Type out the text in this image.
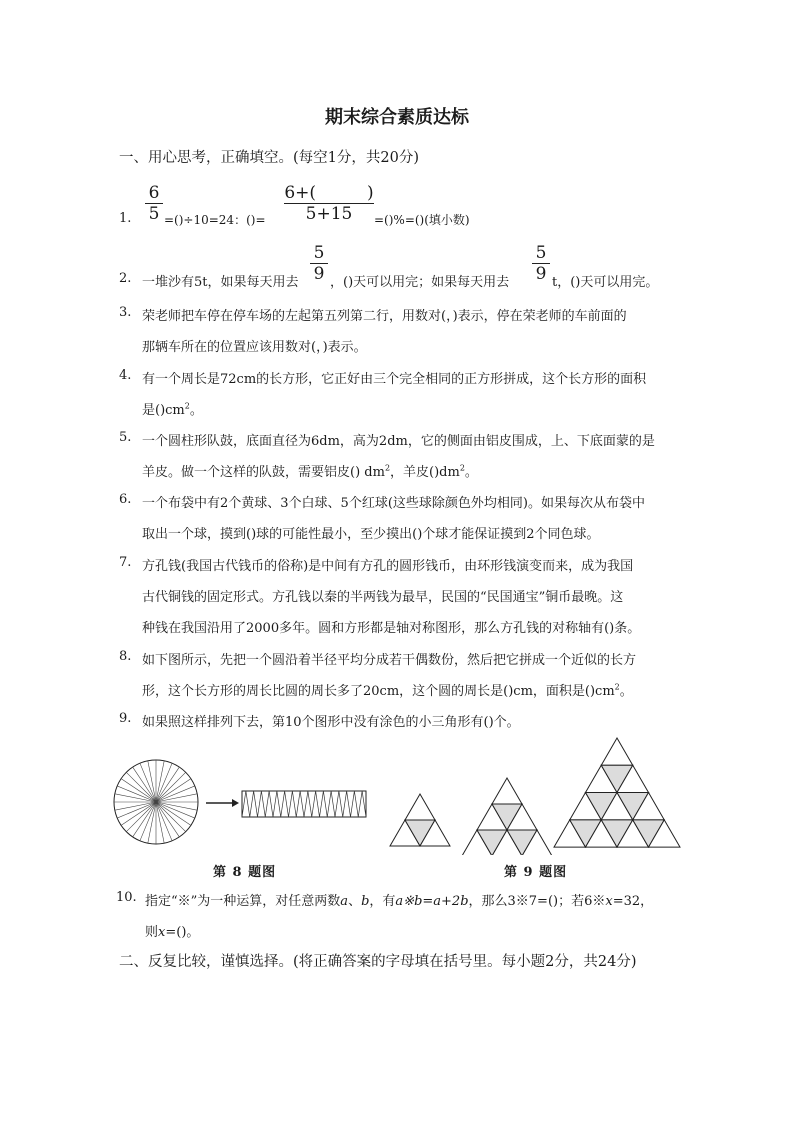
期末综合素质达标
一、用心思考，正确填空。(每空1分，共20分)
1.
6
5 =()÷10=24：()=
6+(　　　)
5+15	=()%=()(填小数)
2. 一堆沙有5t，如果每天用去
5
9 ，()天可以用完；如果每天用去
5
9 t，()天可以用完。
3. 荣老师把车停在停车场的左起第五列第二行，用数对(，)表示，停在荣老师的车前面的
那辆车所在的位置应该用数对(，)表示。
4. 有一个周长是72cm的长方形，它正好由三个完全相同的正方形拼成，这个长方形的面积
是$()cm^2$。
5. 一个圆柱形队鼓，底面直径为6dm，高为2dm，它的侧面由铝皮围成，上、下底面蒙的是
羊皮。做一个这样的队鼓，需要铝皮() $dm^2$，羊皮$()dm^2$。
6. 一个布袋中有2个黄球、3个白球、5个红球(这些球除颜色外均相同)。如果每次从布袋中
取出一个球，摸到()球的可能性最小，至少摸出()个球才能保证摸到2个同色球。
7. 方孔钱(我国古代钱币的俗称)是中间有方孔的圆形钱币，由环形钱演变而来，成为我国
古代铜钱的固定形式。方孔钱以秦的半两钱为最早，民国的“民国通宝”铜币最晚。这
种钱在我国沿用了2000多年。圆和方形都是轴对称图形，那么方孔钱的对称轴有()条。
8. 如下图所示，先把一个圆沿着半径平均分成若干偶数份，然后把它拼成一个近似的长方
形，这个长方形的周长比圆的周长多了20cm，这个圆的周长是()cm，面积是$()cm^2$。
9. 如果照这样排列下去，第10个图形中没有涂色的小三角形有()个。
第 8 题图	第 9 题图
10. 指定“※”为一种运算，对任意两数a、b，有a※b=a+2b，那么3※7=()；若6※x=32，
则x=()。
二、反复比较，谨慎选择。(将正确答案的字母填在括号里。每小题2分，共24分)
